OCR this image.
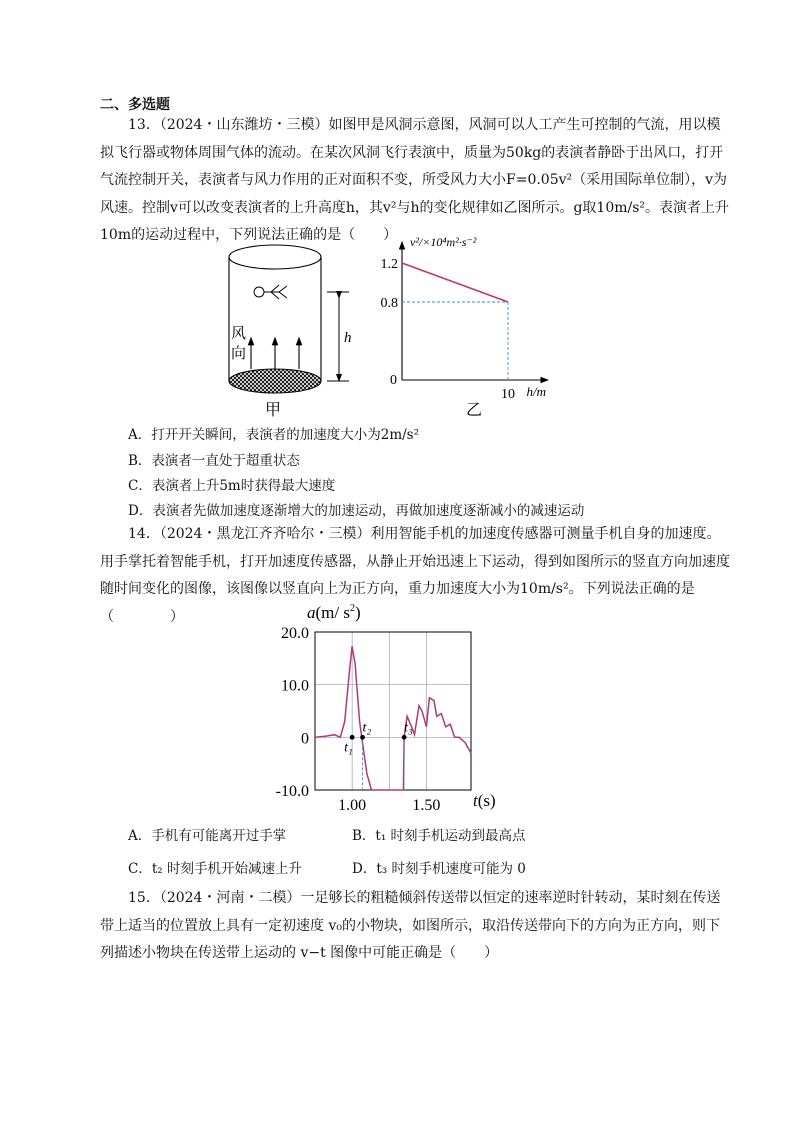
二、多选题

13．（2024・山东潍坊・三模）如图甲是风洞示意图，风洞可以人工产生可控制的气流，用以模拟飞行器或物体周围气体的流动。在某次风洞飞行表演中，质量为50kg的表演者静卧于出风口，打开气流控制开关，表演者与风力作用的正对面积不变，所受风力大小F=0.05v²（采用国际单位制），v为风速。控制v可以改变表演者的上升高度h，其v²与h的变化规律如乙图所示。g取10m/s²。表演者上升10m的运动过程中，下列说法正确的是（　　）

风
向
h
甲
v²/×10⁴m²·s⁻²
h/m
0
1.2
0.8
10
乙
A．打开开关瞬间，表演者的加速度大小为2m/s²
B．表演者一直处于超重状态
C．表演者上升5m时获得最大速度
D．表演者先做加速度逐渐增大的加速运动，再做加速度逐渐减小的减速运动

14．（2024・黑龙江齐齐哈尔・三模）利用智能手机的加速度传感器可测量手机自身的加速度。用手掌托着智能手机，打开加速度传感器，从静止开始迅速上下运动，得到如图所示的竖直方向加速度随时间变化的图像，该图像以竖直向上为正方向，重力加速度大小为10m/s²。下列说法正确的是（　　　　）

t₁
t₂ t₃
a(m/ $s^2$)
t(s)
20.0
10.0
0
-10.0
1.00	1.50
A．手机有可能离开过手掌	B．t₁ 时刻手机运动到最高点
C．t₂ 时刻手机开始减速上升	D．t₃ 时刻手机速度可能为 0

15．（2024・河南・二模）一足够长的粗糙倾斜传送带以恒定的速率逆时针转动，某时刻在传送带上适当的位置放上具有一定初速度 v₀的小物块，如图所示，取沿传送带向下的方向为正方向，则下列描述小物块在传送带上运动的 v−t 图像中可能正确是（　　）
